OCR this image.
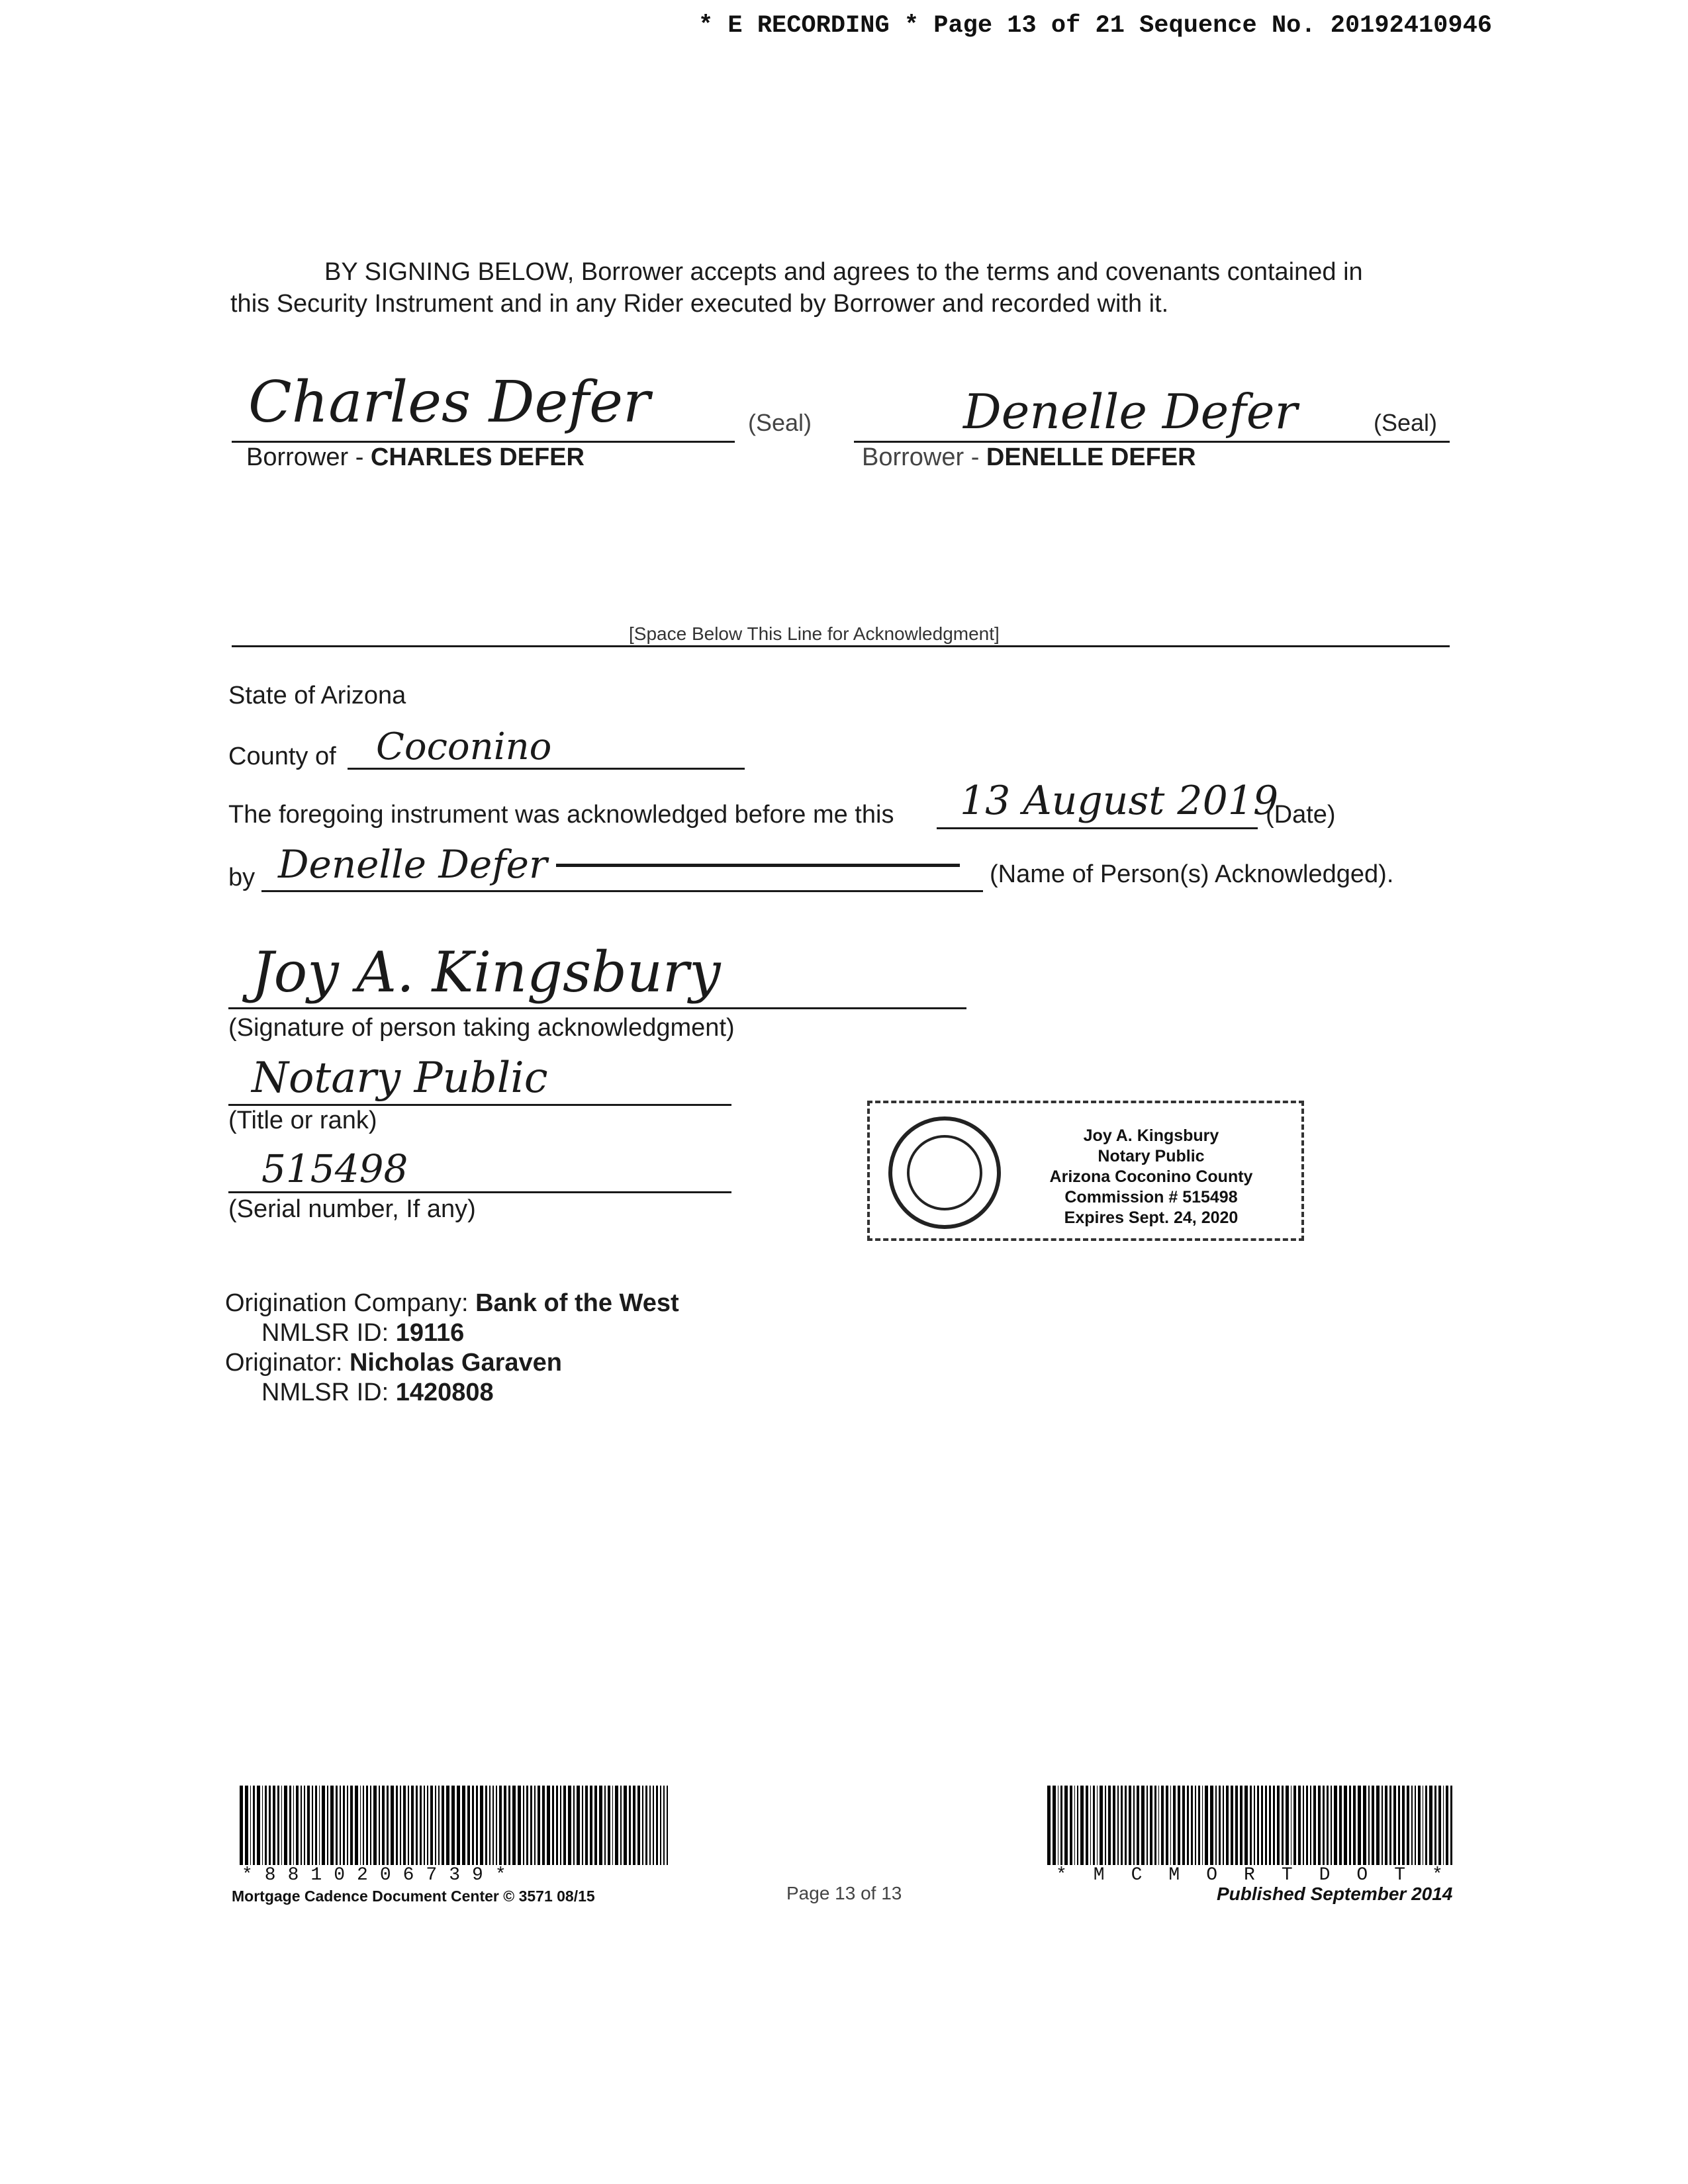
* E RECORDING * Page 13 of 21 Sequence No. 20192410946
BY SIGNING BELOW, Borrower accepts and agrees to the terms and covenants contained in
this Security Instrument and in any Rider executed by Borrower and recorded with it.
Charles Defer	(Seal)
Borrower - CHARLES DEFER
Denelle Defer	(Seal)
Borrower - DENELLE DEFER
[Space Below This Line for Acknowledgment]
State of Arizona
County of Coconino
The foregoing instrument was acknowledged before me this 13 August 2019
(Date)
by Denelle Defer	(Name of Person(s) Acknowledged).
Joy A. Kingsbury
(Signature of person taking acknowledgment)
Notary Public
(Title or rank)
515498
(Serial number, If any)
Joy A. Kingsbury
Notary Public
Arizona Coconino County
Commission # 515498
Expires Sept. 24, 2020
Origination Company: Bank of the West
NMLSR ID: 19116
Originator: Nicholas Garaven
NMLSR ID: 1420808
*8810206739*
Mortgage Cadence Document Center © 3571 08/15	Page 13 of 13
*MCMORTDOT*
Published September 2014
